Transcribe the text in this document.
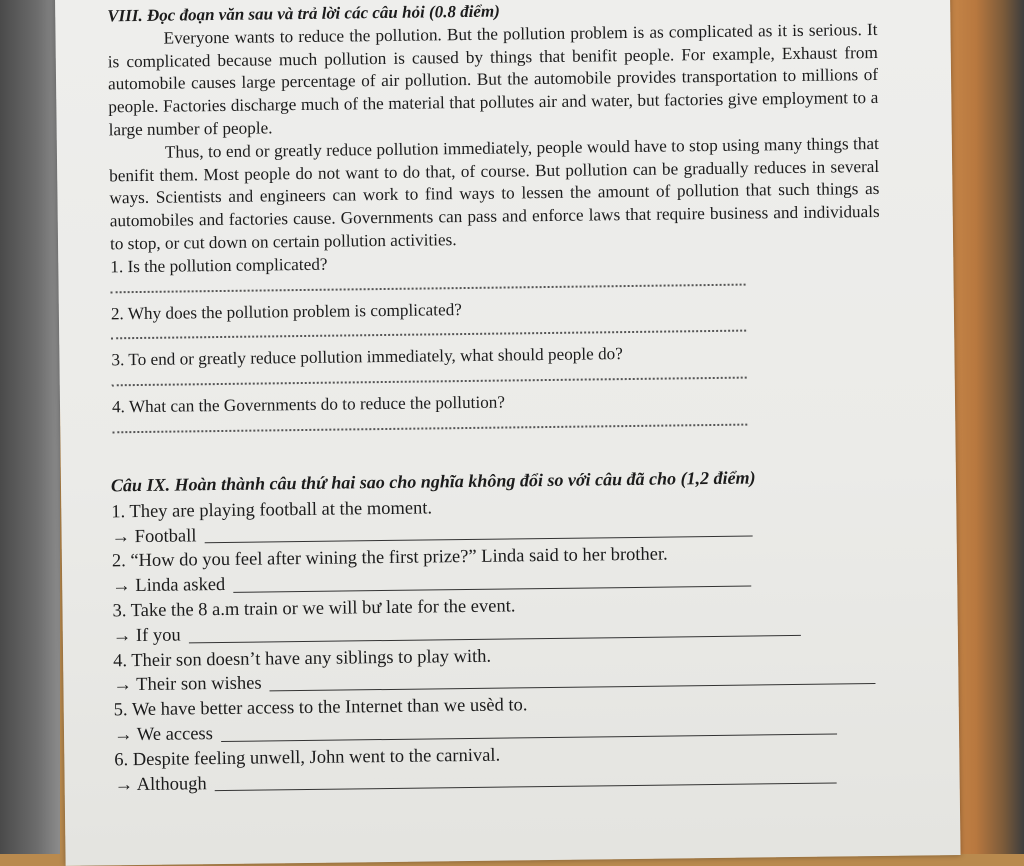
VIII. Đọc đoạn văn sau và trả lời các câu hỏi (0.8 điểm)

Everyone wants to reduce the pollution. But the pollution problem is as complicated as it is serious. It is complicated because much pollution is caused by things that benifit people. For example, Exhaust from automobile causes large percentage of air pollution. But the automobile provides transportation to millions of people. Factories discharge much of the material that pollutes air and water, but factories give employment to a large number of people.

Thus, to end or greatly reduce pollution immediately, people would have to stop using many things that benifit them. Most people do not want to do that, of course. But pollution can be gradually reduces in several ways. Scientists and engineers can work to find ways to lessen the amount of pollution that such things as automobiles and factories cause. Governments can pass and enforce laws that require business and individuals to stop, or cut down on certain pollution activities.

1. Is the pollution complicated?

2. Why does the pollution problem is complicated?

3. To end or greatly reduce pollution immediately, what should people do?

4. What can the Governments do to reduce the pollution?

Câu IX. Hoàn thành câu thứ hai sao cho nghĩa không đổi so với câu đã cho (1,2 điểm)

1. They are playing football at the moment.

→ Football

2. “How do you feel after wining the first prize?” Linda said to her brother.

→ Linda asked

3. Take the 8 a.m train or we will bư late for the event.

→ If you

4. Their son doesn’t have any siblings to play with.

→ Their son wishes

5. We have better access to the Internet than we usèd to.

→ We access

6. Despite feeling unwell, John went to the carnival.

→ Although
